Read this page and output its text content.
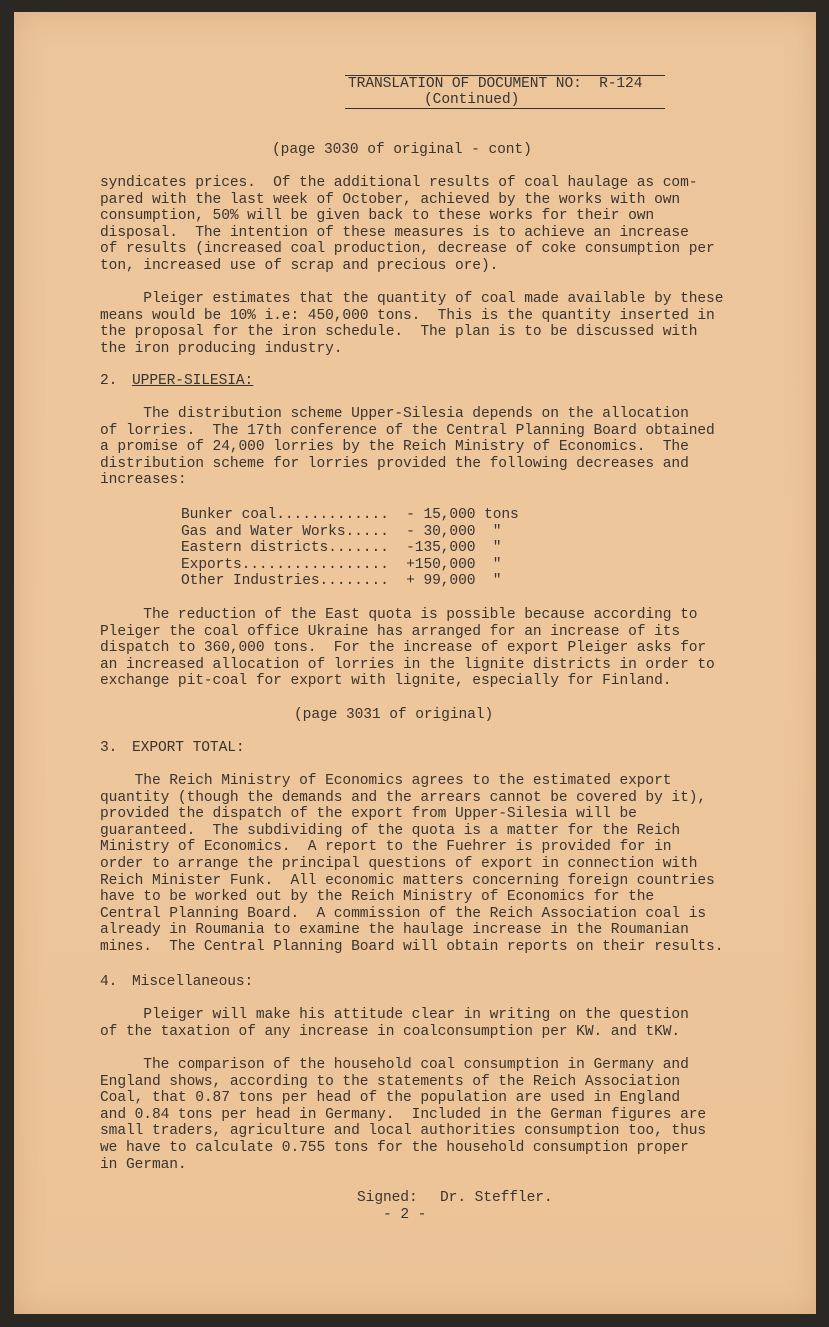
TRANSLATION OF DOCUMENT NO:  R-124
(Continued)
(page 3030 of original - cont)
syndicates prices.  Of the additional results of coal haulage as com-
pared with the last week of October, achieved by the works with own
consumption, 50% will be given back to these works for their own
disposal.  The intention of these measures is to achieve an increase
of results (increased coal production, decrease of coke consumption per
ton, increased use of scrap and precious ore).
Pleiger estimates that the quantity of coal made available by these
means would be 10% i.e: 450,000 tons.  This is the quantity inserted in
the proposal for the iron schedule.  The plan is to be discussed with
the iron producing industry.
2. UPPER-SILESIA:
The distribution scheme Upper-Silesia depends on the allocation
of lorries.  The 17th conference of the Central Planning Board obtained
a promise of 24,000 lorries by the Reich Ministry of Economics.  The
distribution scheme for lorries provided the following decreases and
increases:
Bunker coal............. - 15,000 tons
Gas and Water Works..... - 30,000 "
Eastern districts....... -135,000 "
Exports................. +150,000 "
Other Industries........ + 99,000 "
The reduction of the East quota is possible because according to
Pleiger the coal office Ukraine has arranged for an increase of its
dispatch to 360,000 tons.  For the increase of export Pleiger asks for
an increased allocation of lorries in the lignite districts in order to
exchange pit-coal for export with lignite, especially for Finland.
(page 3031 of original)
3. EXPORT TOTAL:
The Reich Ministry of Economics agrees to the estimated export
quantity (though the demands and the arrears cannot be covered by it),
provided the dispatch of the export from Upper-Silesia will be
guaranteed.  The subdividing of the quota is a matter for the Reich
Ministry of Economics.  A report to the Fuehrer is provided for in
order to arrange the principal questions of export in connection with
Reich Minister Funk.  All economic matters concerning foreign countries
have to be worked out by the Reich Ministry of Economics for the
Central Planning Board.  A commission of the Reich Association coal is
already in Roumania to examine the haulage increase in the Roumanian
mines.  The Central Planning Board will obtain reports on their results.
4. Miscellaneous:
Pleiger will make his attitude clear in writing on the question
of the taxation of any increase in coalconsumption per KW. and tKW.
The comparison of the household coal consumption in Germany and
England shows, according to the statements of the Reich Association
Coal, that 0.87 tons per head of the population are used in England
and 0.84 tons per head in Germany.  Included in the German figures are
small traders, agriculture and local authorities consumption too, thus
we have to calculate 0.755 tons for the household consumption proper
in German.
Signed: Dr. Steffler.
- 2 -
